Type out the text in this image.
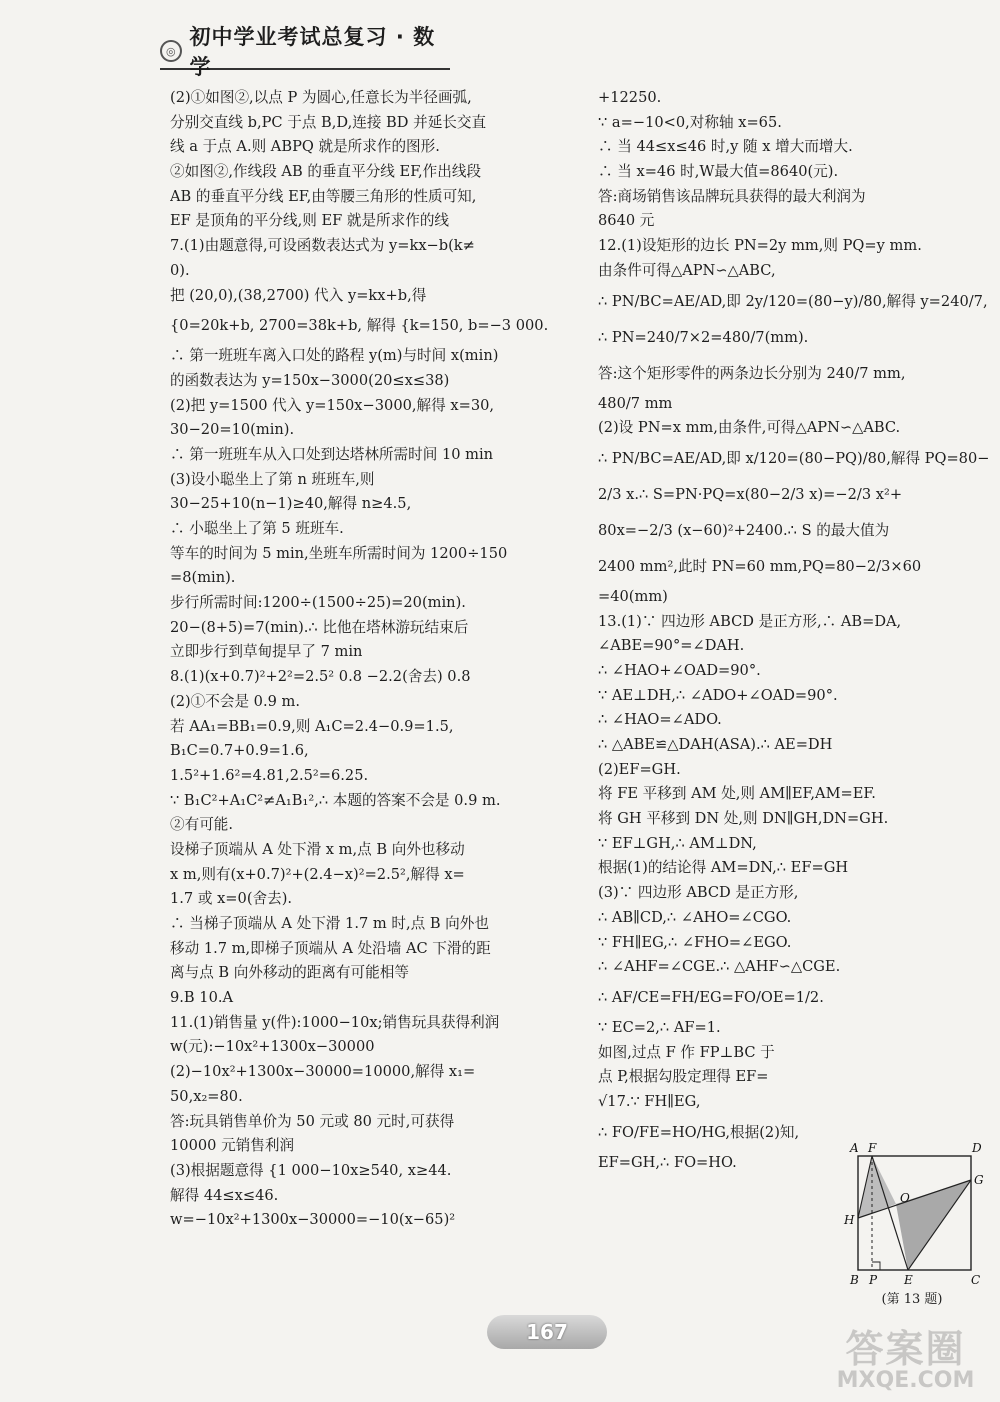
◎
初中学业考试总复习 · 数学
(2)①如图②,以点 P 为圆心,任意长为半径画弧,
分别交直线 b,PC 于点 B,D,连接 BD 并延长交直
线 a 于点 A.则 ABPQ 就是所求作的图形.
②如图②,作线段 AB 的垂直平分线 EF,作出线段
AB 的垂直平分线 EF,由等腰三角形的性质可知,
EF 是顶角的平分线,则 EF 就是所求作的线
7.(1)由题意得,可设函数表达式为 y=kx−b(k≠
0).
把 (20,0),(38,2700) 代入 y=kx+b,得
{0=20k+b, 2700=38k+b, 解得 {k=150, b=−3 000.
∴ 第一班班车离入口处的路程 y(m)与时间 x(min)
的函数表达为 y=150x−3000(20≤x≤38)
(2)把 y=1500 代入 y=150x−3000,解得 x=30,
30−20=10(min).
∴ 第一班班车从入口处到达塔林所需时间 10 min
(3)设小聪坐上了第 n 班班车,则
30−25+10(n−1)≥40,解得 n≥4.5,
∴ 小聪坐上了第 5 班班车.
等车的时间为 5 min,坐班车所需时间为 1200÷150
=8(min).
步行所需时间:1200÷(1500÷25)=20(min).
20−(8+5)=7(min).∴ 比他在塔林游玩结束后
立即步行到草甸提早了 7 min
8.(1)(x+0.7)²+2²=2.5² 0.8 −2.2(舍去) 0.8
(2)①不会是 0.9 m.
若 AA₁=BB₁=0.9,则 A₁C=2.4−0.9=1.5,
B₁C=0.7+0.9=1.6,
1.5²+1.6²=4.81,2.5²=6.25.
∵ B₁C²+A₁C²≠A₁B₁²,∴ 本题的答案不会是 0.9 m.
②有可能.
设梯子顶端从 A 处下滑 x m,点 B 向外也移动
x m,则有(x+0.7)²+(2.4−x)²=2.5²,解得 x=
1.7 或 x=0(舍去).
∴ 当梯子顶端从 A 处下滑 1.7 m 时,点 B 向外也
移动 1.7 m,即梯子顶端从 A 处沿墙 AC 下滑的距
离与点 B 向外移动的距离有可能相等
9.B 10.A
11.(1)销售量 y(件):1000−10x;销售玩具获得利润
w(元):−10x²+1300x−30000
(2)−10x²+1300x−30000=10000,解得 x₁=
50,x₂=80.
答:玩具销售单价为 50 元或 80 元时,可获得
10000 元销售利润
(3)根据题意得 {1 000−10x≥540, x≥44.
解得 44≤x≤46.
w=−10x²+1300x−30000=−10(x−65)²
+12250.
∵ a=−10<0,对称轴 x=65.
∴ 当 44≤x≤46 时,y 随 x 增大而增大.
∴ 当 x=46 时,W最大值=8640(元).
答:商场销售该品牌玩具获得的最大利润为
8640 元
12.(1)设矩形的边长 PN=2y mm,则 PQ=y mm.
由条件可得△APN∽△ABC,
∴ PN/BC=AE/AD,即 2y/120=(80−y)/80,解得 y=240/7,
∴ PN=240/7×2=480/7(mm).
答:这个矩形零件的两条边长分别为 240/7 mm,
480/7 mm
(2)设 PN=x mm,由条件,可得△APN∽△ABC.
∴ PN/BC=AE/AD,即 x/120=(80−PQ)/80,解得 PQ=80−
2/3 x.∴ S=PN·PQ=x(80−2/3 x)=−2/3 x²+
80x=−2/3 (x−60)²+2400.∴ S 的最大值为
2400 mm²,此时 PN=60 mm,PQ=80−2/3×60
=40(mm)
13.(1)∵ 四边形 ABCD 是正方形,∴ AB=DA,
∠ABE=90°=∠DAH.
∴ ∠HAO+∠OAD=90°.
∵ AE⊥DH,∴ ∠ADO+∠OAD=90°.
∴ ∠HAO=∠ADO.
∴ △ABE≌△DAH(ASA).∴ AE=DH
(2)EF=GH.
将 FE 平移到 AM 处,则 AM∥EF,AM=EF.
将 GH 平移到 DN 处,则 DN∥GH,DN=GH.
∵ EF⊥GH,∴ AM⊥DN,
根据(1)的结论得 AM=DN,∴ EF=GH
(3)∵ 四边形 ABCD 是正方形,
∴ AB∥CD,∴ ∠AHO=∠CGO.
∵ FH∥EG,∴ ∠FHO=∠EGO.
∴ ∠AHF=∠CGE.∴ △AHF∽△CGE.
∴ AF/CE=FH/EG=FO/OE=1/2.
∵ EC=2,∴ AF=1.
如图,过点 F 作 FP⊥BC 于
点 P,根据勾股定理得 EF=
√17.∵ FH∥EG,
∴ FO/FE=HO/HG,根据(2)知,
EF=GH,∴ FO=HO.
A F	D
G
O
H
B P E	C
(第 13 题)
167	答案圈
MXQE.COM
